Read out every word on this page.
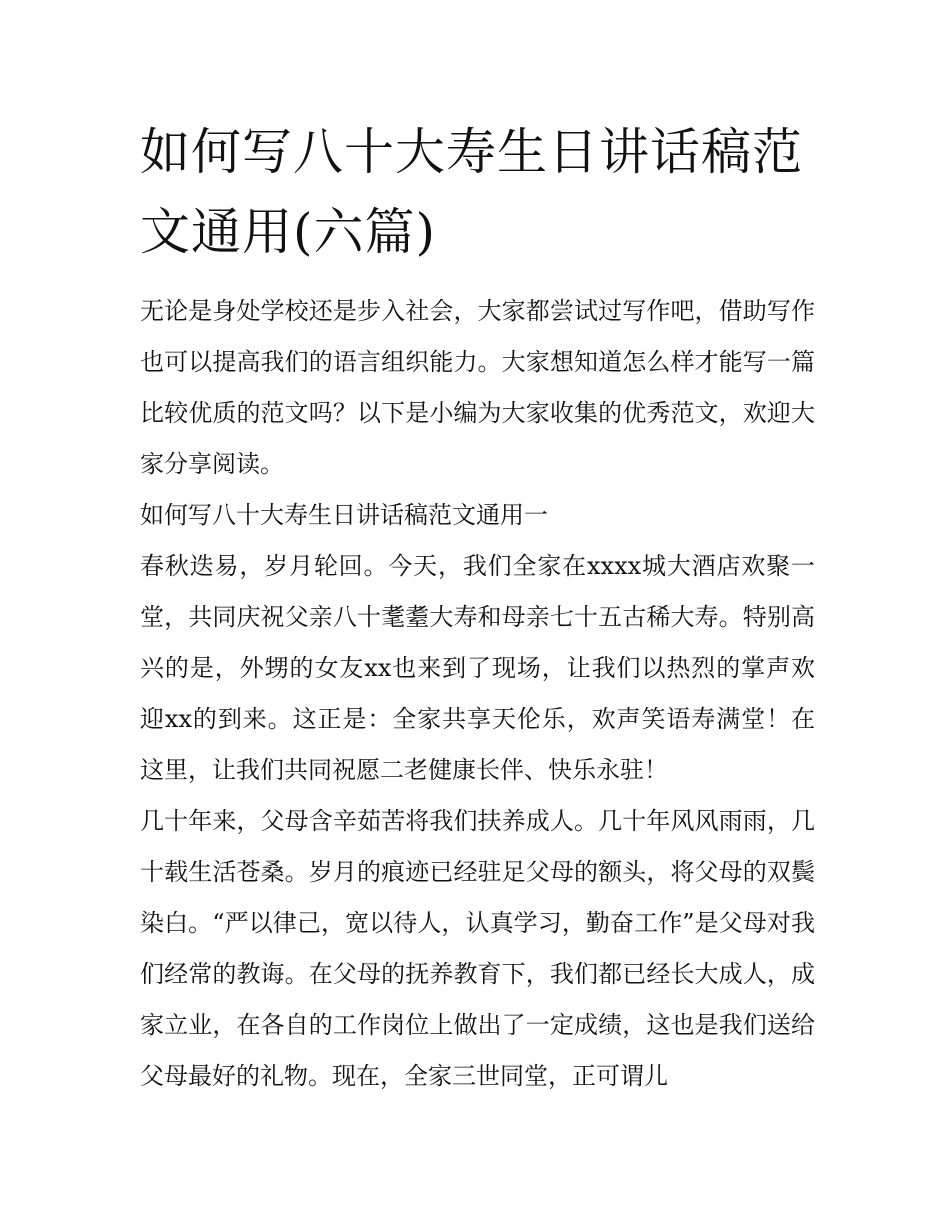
如何写八十大寿生日讲话稿范文通用(六篇)

无论是身处学校还是步入社会，大家都尝试过写作吧，借助写作也可以提高我们的语言组织能力。大家想知道怎么样才能写一篇比较优质的范文吗？以下是小编为大家收集的优秀范文，欢迎大家分享阅读。

如何写八十大寿生日讲话稿范文通用一

春秋迭易，岁月轮回。今天，我们全家在xxxx城大酒店欢聚一堂，共同庆祝父亲八十耄耋大寿和母亲七十五古稀大寿。特别高兴的是，外甥的女友xx也来到了现场，让我们以热烈的掌声欢迎xx的到来。这正是：全家共享天伦乐，欢声笑语寿满堂！在这里，让我们共同祝愿二老健康长伴、快乐永驻！

几十年来，父母含辛茹苦将我们扶养成人。几十年风风雨雨，几十载生活苍桑。岁月的痕迹已经驻足父母的额头，将父母的双鬓染白。“严以律己，宽以待人，认真学习，勤奋工作”是父母对我们经常的教诲。在父母的抚养教育下，我们都已经长大成人，成家立业，在各自的工作岗位上做出了一定成绩，这也是我们送给父母最好的礼物。现在，全家三世同堂，正可谓儿
